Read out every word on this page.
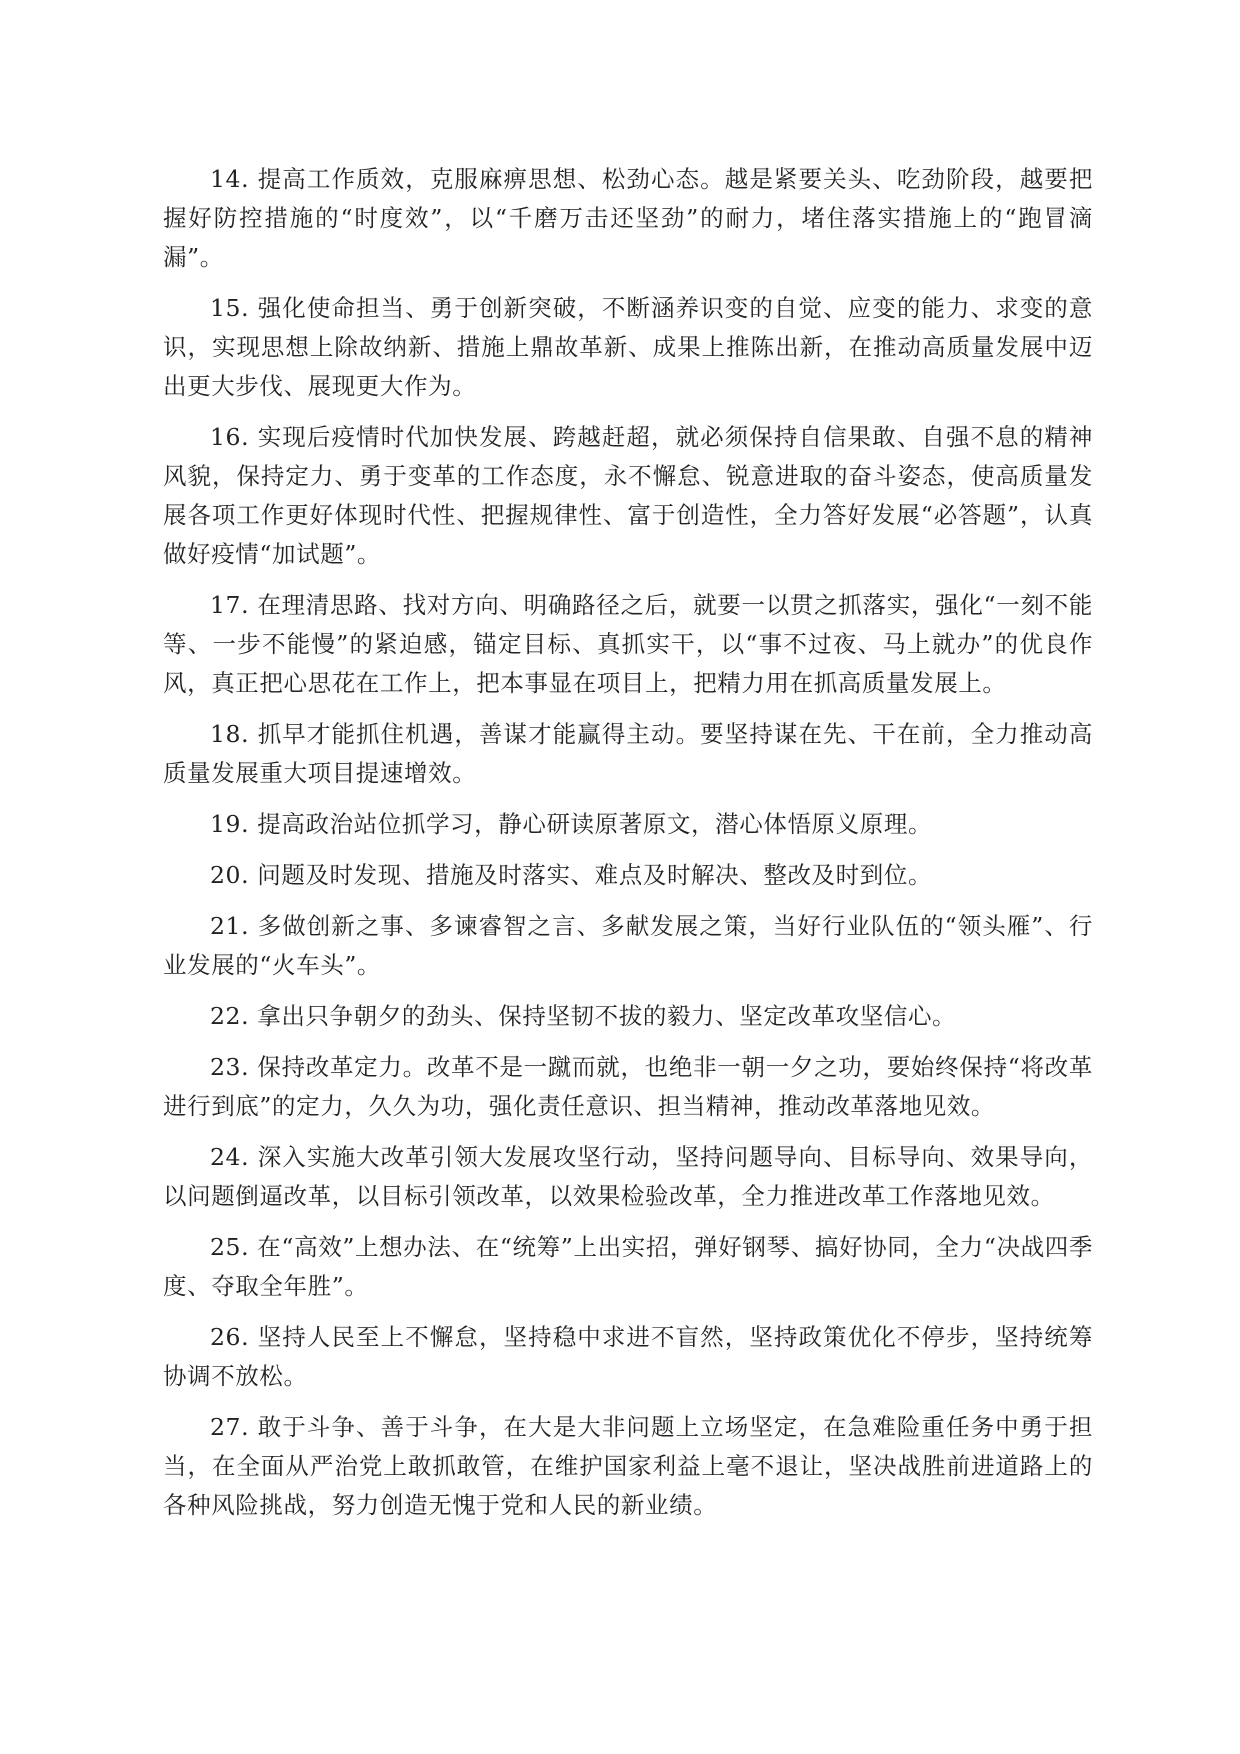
14. 提高工作质效，克服麻痹思想、松劲心态。越是紧要关头、吃劲阶段，越要把握好防控措施的“时度效”，以“千磨万击还坚劲”的耐力，堵住落实措施上的“跑冒滴漏”。

15. 强化使命担当、勇于创新突破，不断涵养识变的自觉、应变的能力、求变的意识，实现思想上除故纳新、措施上鼎故革新、成果上推陈出新，在推动高质量发展中迈出更大步伐、展现更大作为。

16. 实现后疫情时代加快发展、跨越赶超，就必须保持自信果敢、自强不息的精神风貌，保持定力、勇于变革的工作态度，永不懈怠、锐意进取的奋斗姿态，使高质量发展各项工作更好体现时代性、把握规律性、富于创造性，全力答好发展“必答题”，认真做好疫情“加试题”。

17. 在理清思路、找对方向、明确路径之后，就要一以贯之抓落实，强化“一刻不能等、一步不能慢”的紧迫感，锚定目标、真抓实干，以“事不过夜、马上就办”的优良作风，真正把心思花在工作上，把本事显在项目上，把精力用在抓高质量发展上。

18. 抓早才能抓住机遇，善谋才能赢得主动。要坚持谋在先、干在前，全力推动高质量发展重大项目提速增效。

19. 提高政治站位抓学习，静心研读原著原文，潜心体悟原义原理。

20. 问题及时发现、措施及时落实、难点及时解决、整改及时到位。

21. 多做创新之事、多谏睿智之言、多献发展之策，当好行业队伍的“领头雁”、行业发展的“火车头”。

22. 拿出只争朝夕的劲头、保持坚韧不拔的毅力、坚定改革攻坚信心。

23. 保持改革定力。改革不是一蹴而就，也绝非一朝一夕之功，要始终保持“将改革进行到底”的定力，久久为功，强化责任意识、担当精神，推动改革落地见效。

24. 深入实施大改革引领大发展攻坚行动，坚持问题导向、目标导向、效果导向，以问题倒逼改革，以目标引领改革，以效果检验改革，全力推进改革工作落地见效。

25. 在“高效”上想办法、在“统筹”上出实招，弹好钢琴、搞好协同，全力“决战四季度、夺取全年胜”。

26. 坚持人民至上不懈怠，坚持稳中求进不盲然，坚持政策优化不停步，坚持统筹协调不放松。

27. 敢于斗争、善于斗争，在大是大非问题上立场坚定，在急难险重任务中勇于担当，在全面从严治党上敢抓敢管，在维护国家利益上毫不退让，坚决战胜前进道路上的各种风险挑战，努力创造无愧于党和人民的新业绩。
